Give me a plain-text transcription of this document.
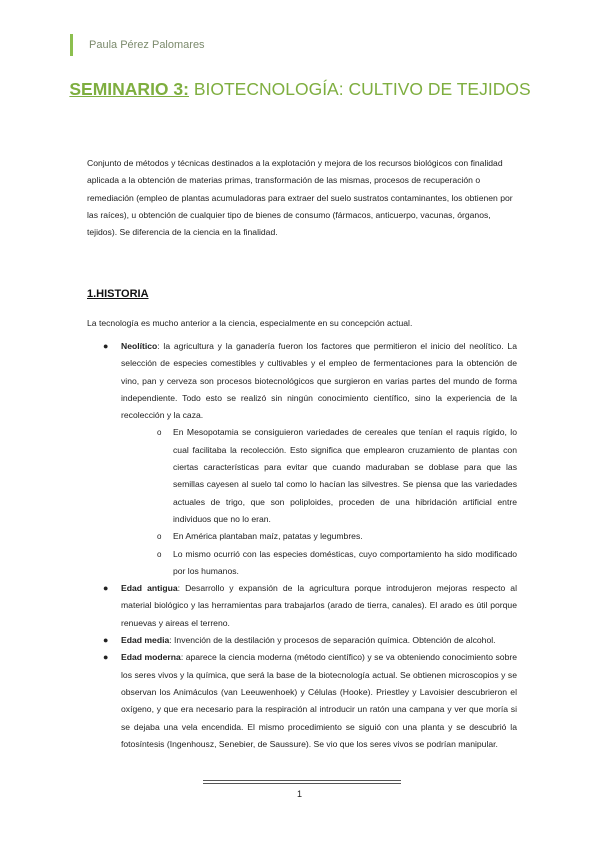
Paula Pérez Palomares
SEMINARIO 3: BIOTECNOLOGÍA: CULTIVO DE TEJIDOS

Conjunto de métodos y técnicas destinados a la explotación y mejora de los recursos biológicos con finalidad aplicada a la obtención de materias primas, transformación de las mismas, procesos de recuperación o remediación (empleo de plantas acumuladoras para extraer del suelo sustratos contaminantes, los obtienen por las raíces), u obtención de cualquier tipo de bienes de consumo (fármacos, anticuerpo, vacunas, órganos, tejidos). Se diferencia de la ciencia en la finalidad.

1.HISTORIA

La tecnología es mucho anterior a la ciencia, especialmente en su concepción actual.

● Neolítico: la agricultura y la ganadería fueron los factores que permitieron el inicio del neolítico. La selección de especies comestibles y cultivables y el empleo de fermentaciones para la obtención de vino, pan y cerveza son procesos biotecnológicos que surgieron en varias partes del mundo de forma independiente. Todo esto se realizó sin ningún conocimiento científico, sino la experiencia de la recolección y la caza.
o En Mesopotamia se consiguieron variedades de cereales que tenían el raquis rígido, lo cual facilitaba la recolección. Esto significa que emplearon cruzamiento de plantas con ciertas características para evitar que cuando maduraban se doblase para que las semillas cayesen al suelo tal como lo hacían las silvestres. Se piensa que las variedades actuales de trigo, que son poliploides, proceden de una hibridación artificial entre individuos que no lo eran.
o En América plantaban maíz, patatas y legumbres.
o Lo mismo ocurrió con las especies domésticas, cuyo comportamiento ha sido modificado por los humanos.
● Edad antigua: Desarrollo y expansión de la agricultura porque introdujeron mejoras respecto al material biológico y las herramientas para trabajarlos (arado de tierra, canales). El arado es útil porque renuevas y aireas el terreno.
● Edad media: Invención de la destilación y procesos de separación química. Obtención de alcohol.
● Edad moderna: aparece la ciencia moderna (método científico) y se va obteniendo conocimiento sobre los seres vivos y la química, que será la base de la biotecnología actual. Se obtienen microscopios y se observan los Animáculos (van Leeuwenhoek) y Células (Hooke). Priestley y Lavoisier descubrieron el oxígeno, y que era necesario para la respiración al introducir un ratón una campana y ver que moría si se dejaba una vela encendida. El mismo procedimiento se siguió con una planta y se descubrió la fotosíntesis (Ingenhousz, Senebier, de Saussure). Se vio que los seres vivos se podrían manipular.
1
